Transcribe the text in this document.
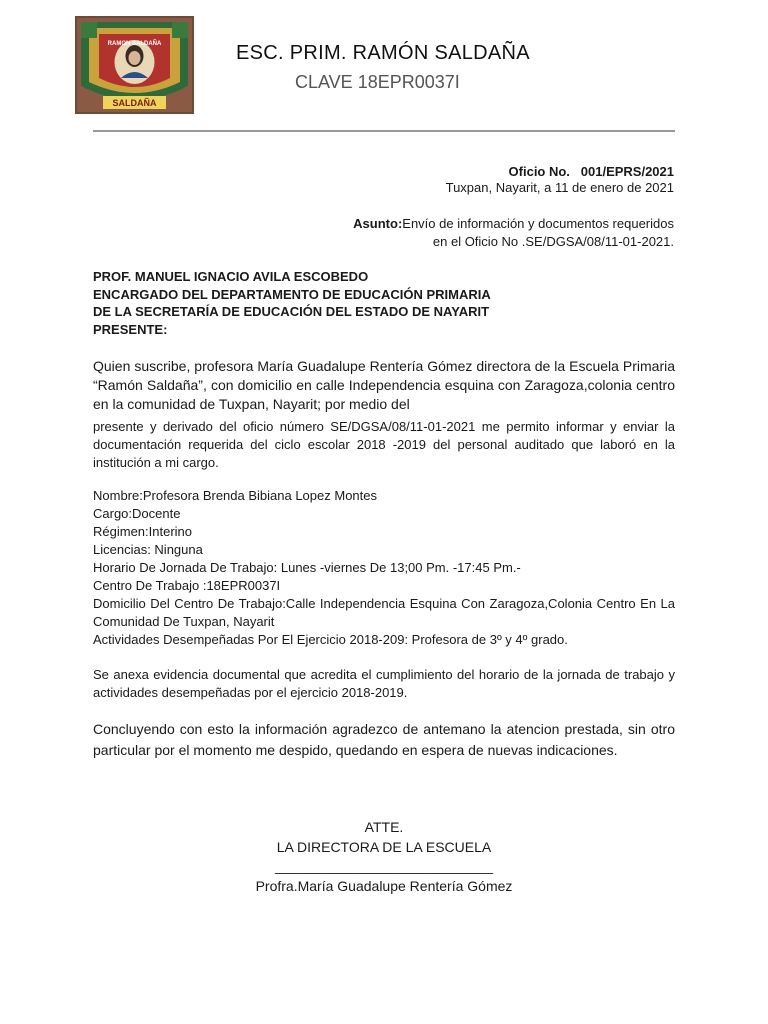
RAMON SALDAÑA
SALDAÑA
ESC. PRIM. RAMÓN SALDAÑA
CLAVE 18EPR0037I
Oficio No. 001/EPRS/2021
Tuxpan, Nayarit, a 11 de enero de 2021
Asunto:Envío de información y documentos requeridos
en el Oficio No .SE/DGSA/08/11-01-2021.
PROF. MANUEL IGNACIO AVILA ESCOBEDO
ENCARGADO DEL DEPARTAMENTO DE EDUCACIÓN PRIMARIA
DE LA SECRETARÍA DE EDUCACIÓN DEL ESTADO DE NAYARIT
PRESENTE:
Quien suscribe, profesora María Guadalupe Rentería Gómez directora de la Escuela Primaria “Ramón Saldaña”, con domicilio en calle Independencia esquina con Zaragoza,colonia centro en la comunidad de Tuxpan, Nayarit; por medio del
presente y derivado del oficio número SE/DGSA/08/11-01-2021 me permito informar y enviar la documentación requerida del ciclo escolar 2018 -2019 del personal auditado que laboró en la institución a mi cargo.
Nombre:Profesora Brenda Bibiana Lopez Montes
Cargo:Docente
Régimen:Interino
Licencias: Ninguna
Horario De Jornada De Trabajo: Lunes -viernes De 13;00 Pm. -17:45 Pm.-
Centro De Trabajo :18EPR0037I
Domicilio Del Centro De Trabajo:Calle Independencia Esquina Con Zaragoza,Colonia Centro En La Comunidad De Tuxpan, Nayarit
Actividades Desempeñadas Por El Ejercicio 2018-209: Profesora de 3º y 4º grado.
Se anexa evidencia documental que acredita el cumplimiento del horario de la jornada de trabajo y actividades desempeñadas por el ejercicio 2018-2019.
Concluyendo con esto la información agradezco de antemano la atencion prestada, sin otro particular por el momento me despido, quedando en espera de nuevas indicaciones.
ATTE.
LA DIRECTORA DE LA ESCUELA
____________________________
Profra.María Guadalupe Rentería Gómez
